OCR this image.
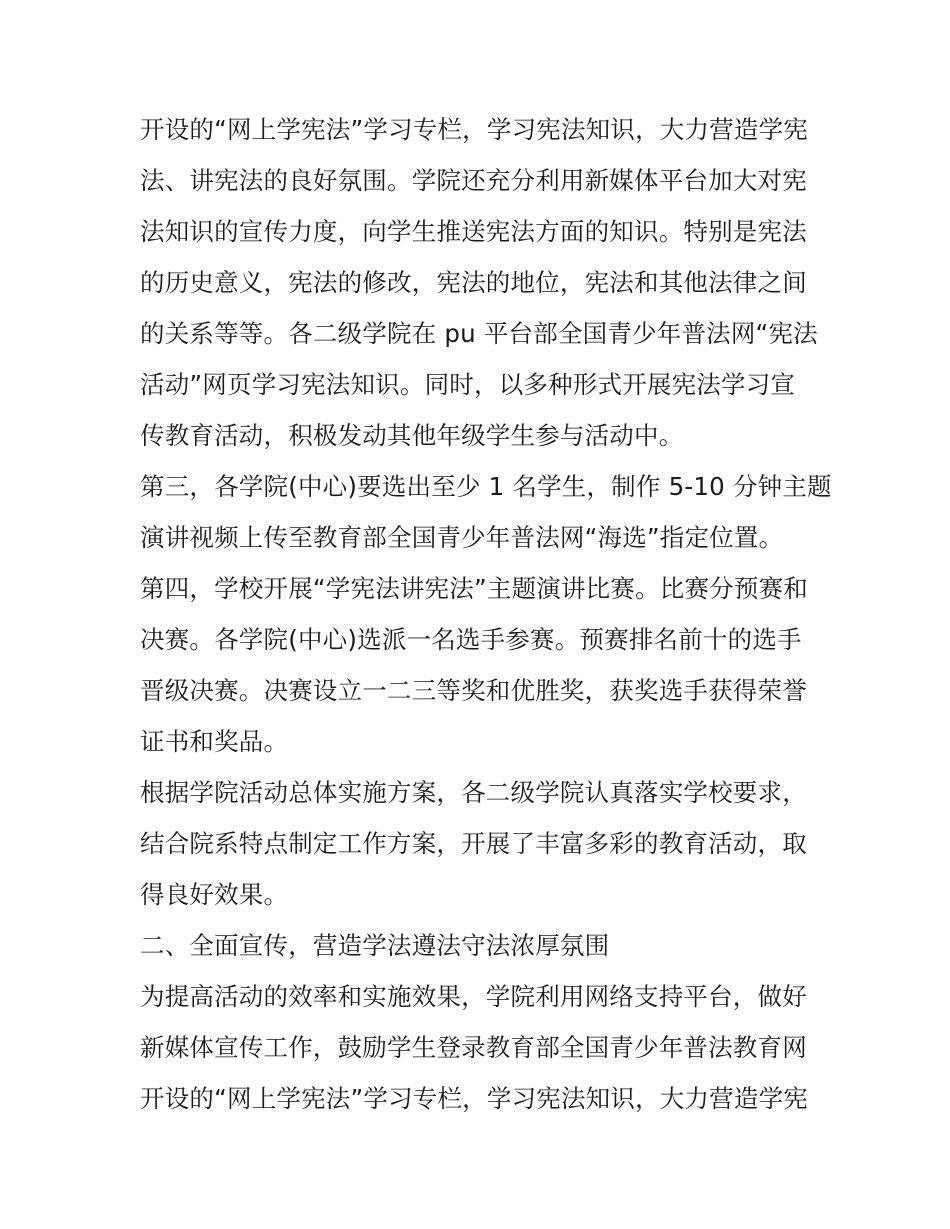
开设的“网上学宪法”学习专栏，学习宪法知识，大力营造学宪
法、讲宪法的良好氛围。学院还充分利用新媒体平台加大对宪
法知识的宣传力度，向学生推送宪法方面的知识。特别是宪法
的历史意义，宪法的修改，宪法的地位，宪法和其他法律之间
的关系等等。各二级学院在 pu 平台部全国青少年普法网“宪法
活动”网页学习宪法知识。同时，以多种形式开展宪法学习宣
传教育活动，积极发动其他年级学生参与活动中。
第三，各学院(中心)要选出至少 1 名学生，制作 5-10 分钟主题
演讲视频上传至教育部全国青少年普法网“海选”指定位置。
第四，学校开展“学宪法讲宪法”主题演讲比赛。比赛分预赛和
决赛。各学院(中心)选派一名选手参赛。预赛排名前十的选手
晋级决赛。决赛设立一二三等奖和优胜奖，获奖选手获得荣誉
证书和奖品。
根据学院活动总体实施方案，各二级学院认真落实学校要求，
结合院系特点制定工作方案，开展了丰富多彩的教育活动，取
得良好效果。
二、全面宣传，营造学法遵法守法浓厚氛围
为提高活动的效率和实施效果，学院利用网络支持平台，做好
新媒体宣传工作，鼓励学生登录教育部全国青少年普法教育网
开设的“网上学宪法”学习专栏，学习宪法知识，大力营造学宪
